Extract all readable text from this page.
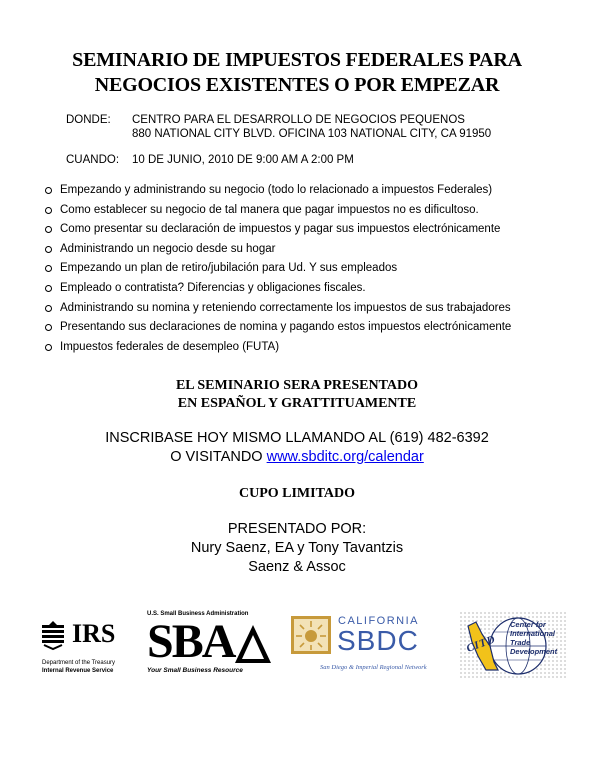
SEMINARIO DE IMPUESTOS FEDERALES PARA
NEGOCIOS EXISTENTES O POR EMPEZAR
DONDE: CENTRO PARA EL DESARROLLO DE NEGOCIOS PEQUENOS
880 NATIONAL CITY BLVD. OFICINA 103 NATIONAL CITY, CA 91950
CUANDO: 10 DE JUNIO, 2010 DE 9:00 AM A 2:00 PM
Empezando y administrando su negocio (todo lo relacionado a impuestos Federales)
Como establecer su negocio de tal manera que pagar impuestos no es dificultoso.
Como presentar su declaración de impuestos y pagar sus impuestos electrónicamente
Administrando un negocio desde su hogar
Empezando un plan de retiro/jubilación para Ud. Y sus empleados
Empleado o contratista? Diferencias y obligaciones fiscales.
Administrando su nomina y reteniendo correctamente los impuestos de sus trabajadores
Presentando sus declaraciones de nomina y pagando estos impuestos electrónicamente
Impuestos federales de desempleo (FUTA)
EL SEMINARIO SERA PRESENTADO
EN ESPAÑOL Y GRATTITUAMENTE
INSCRIBASE HOY MISMO LLAMANDO AL (619) 482-6392
O VISITANDO www.sbditc.org/calendar
CUPO LIMITADO
PRESENTADO POR:
Nury Saenz, EA y Tony Tavantzis
Saenz & Assoc
IRS
Department of the Treasury
Internal Revenue Service
U.S. Small Business Administration
SBA
Your Small Business Resource
CALIFORNIA
SBDC
San Diego & Imperial Regional Network
CITD
Center for
International
Trade
Development
